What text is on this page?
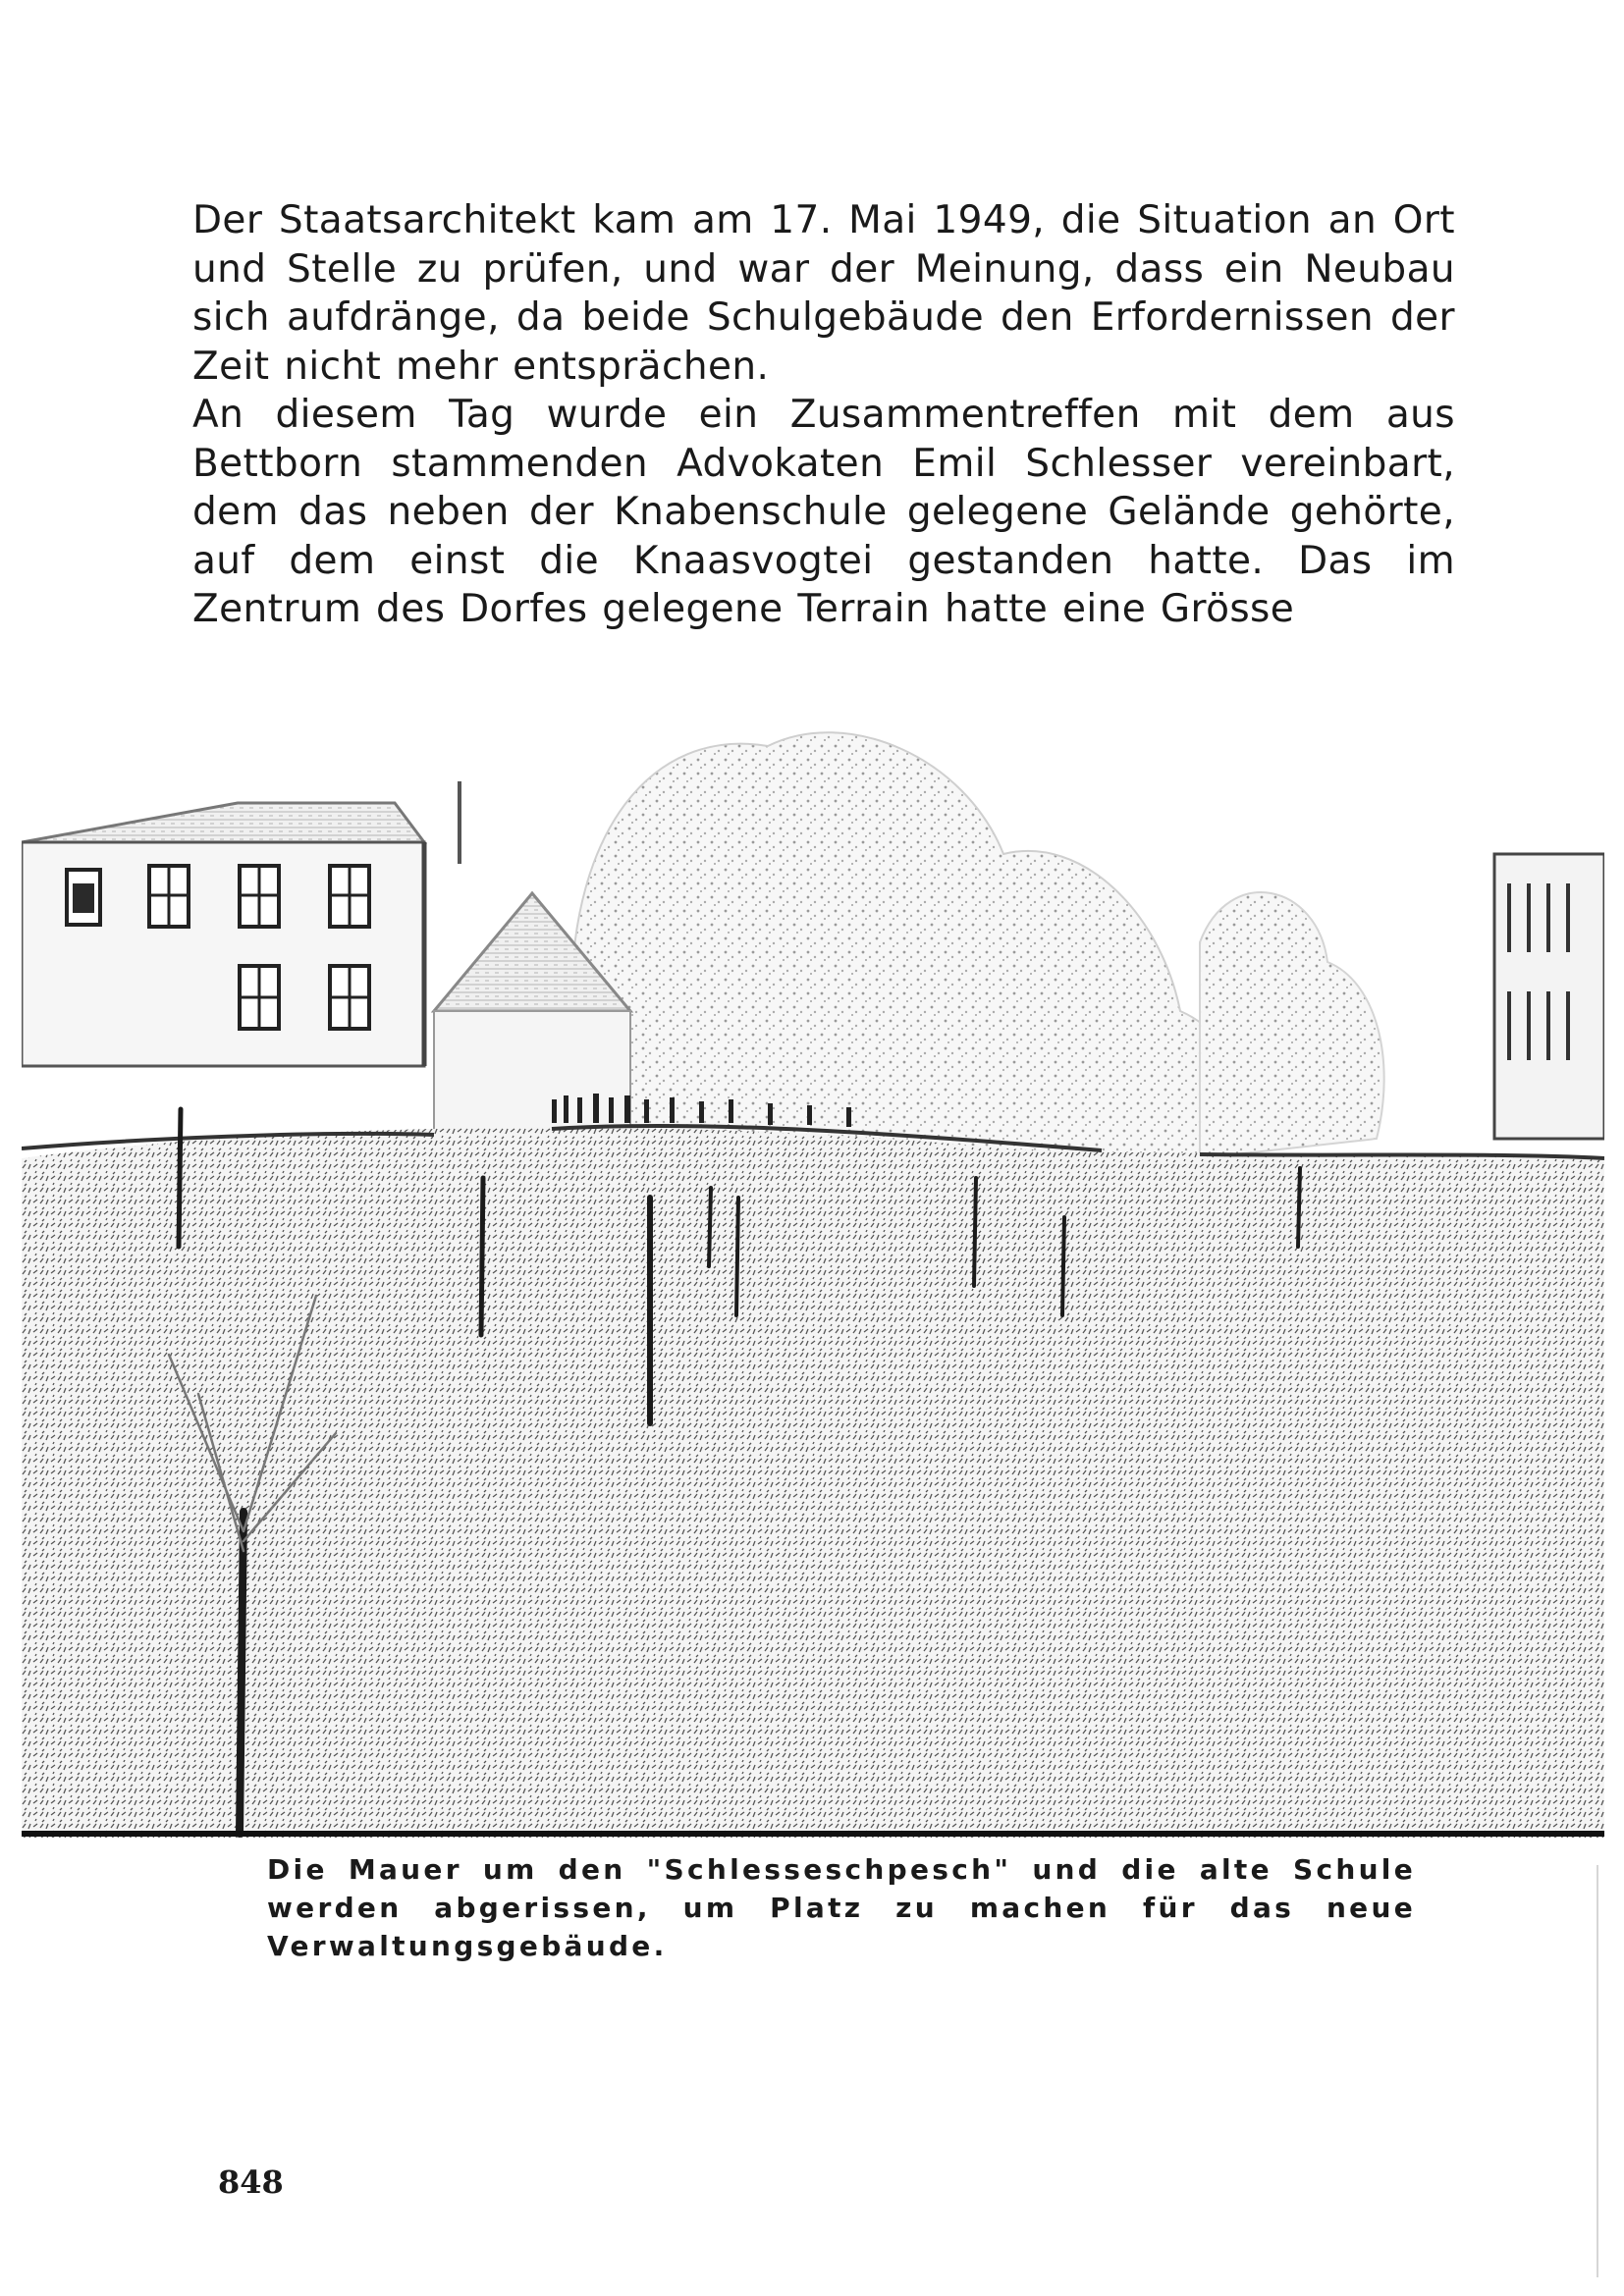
Der Staatsarchitekt kam am 17. Mai 1949, die Situation an Ort und Stelle zu prüfen, und war der Meinung, dass ein Neubau sich aufdränge, da beide Schulgebäude den Erfordernissen der Zeit nicht mehr entsprächen.

An diesem Tag wurde ein Zusammentreffen mit dem aus Bettborn stammenden Advokaten Emil Schlesser vereinbart, dem das neben der Knabenschule gelegene Gelände gehörte, auf dem einst die Knaasvogtei gestanden hatte. Das im Zentrum des Dorfes gelegene Terrain hatte eine Grösse

Die Mauer um den "Schlesseschpesch" und die alte Schule werden abgerissen, um Platz zu machen für das neue Verwaltungsgebäude.
848
